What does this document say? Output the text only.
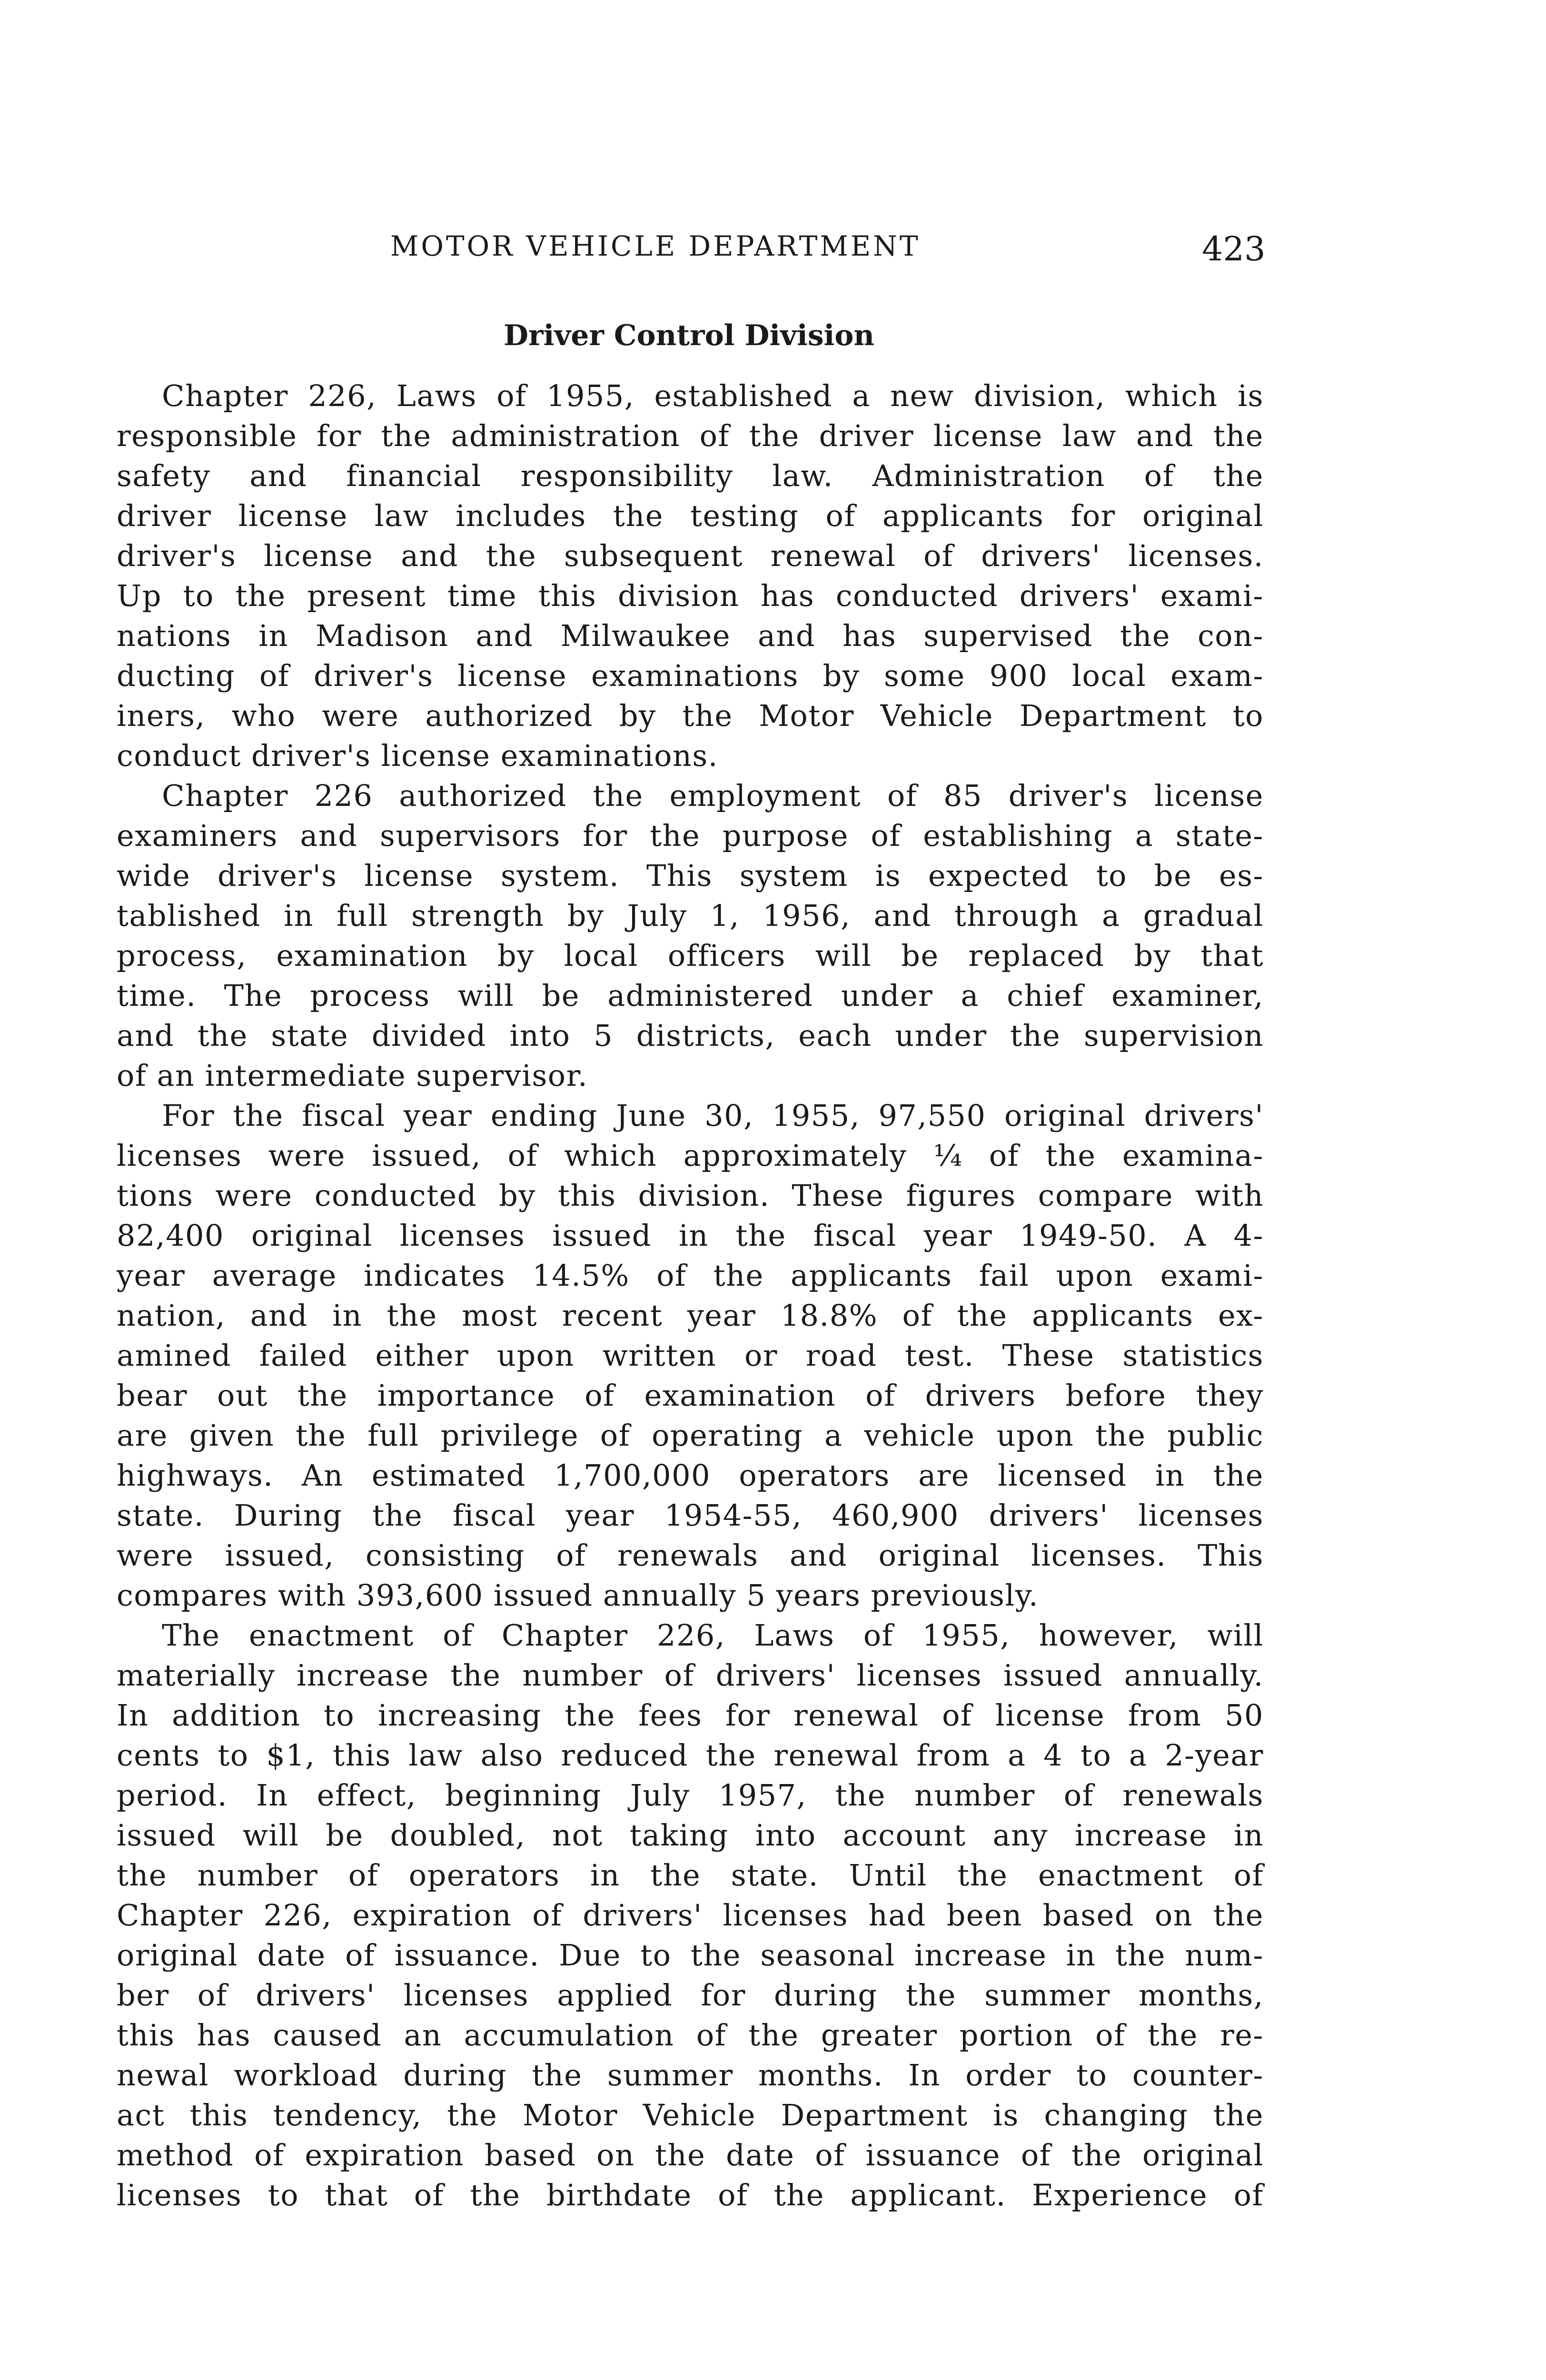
MOTOR VEHICLE DEPARTMENT	423
Driver Control Division
Chapter 226, Laws of 1955, established a new division, which is
responsible for the administration of the driver license law and the
safety and financial responsibility law. Administration of the
driver license law includes the testing of applicants for original
driver's license and the subsequent renewal of drivers' licenses.
Up to the present time this division has conducted drivers' exami-
nations in Madison and Milwaukee and has supervised the con-
ducting of driver's license examinations by some 900 local exam-
iners, who were authorized by the Motor Vehicle Department to
conduct driver's license examinations.
Chapter 226 authorized the employment of 85 driver's license
examiners and supervisors for the purpose of establishing a state-
wide driver's license system. This system is expected to be es-
tablished in full strength by July 1, 1956, and through a gradual
process, examination by local officers will be replaced by that
time. The process will be administered under a chief examiner,
and the state divided into 5 districts, each under the supervision
of an intermediate supervisor.
For the fiscal year ending June 30, 1955, 97,550 original drivers'
licenses were issued, of which approximately ¼ of the examina-
tions were conducted by this division. These figures compare with
82,400 original licenses issued in the fiscal year 1949-50. A 4-
year average indicates 14.5% of the applicants fail upon exami-
nation, and in the most recent year 18.8% of the applicants ex-
amined failed either upon written or road test. These statistics
bear out the importance of examination of drivers before they
are given the full privilege of operating a vehicle upon the public
highways. An estimated 1,700,000 operators are licensed in the
state. During the fiscal year 1954-55, 460,900 drivers' licenses
were issued, consisting of renewals and original licenses. This
compares with 393,600 issued annually 5 years previously.
The enactment of Chapter 226, Laws of 1955, however, will
materially increase the number of drivers' licenses issued annually.
In addition to increasing the fees for renewal of license from 50
cents to $1, this law also reduced the renewal from a 4 to a 2-year
period. In effect, beginning July 1957, the number of renewals
issued will be doubled, not taking into account any increase in
the number of operators in the state. Until the enactment of
Chapter 226, expiration of drivers' licenses had been based on the
original date of issuance. Due to the seasonal increase in the num-
ber of drivers' licenses applied for during the summer months,
this has caused an accumulation of the greater portion of the re-
newal workload during the summer months. In order to counter-
act this tendency, the Motor Vehicle Department is changing the
method of expiration based on the date of issuance of the original
licenses to that of the birthdate of the applicant. Experience of
